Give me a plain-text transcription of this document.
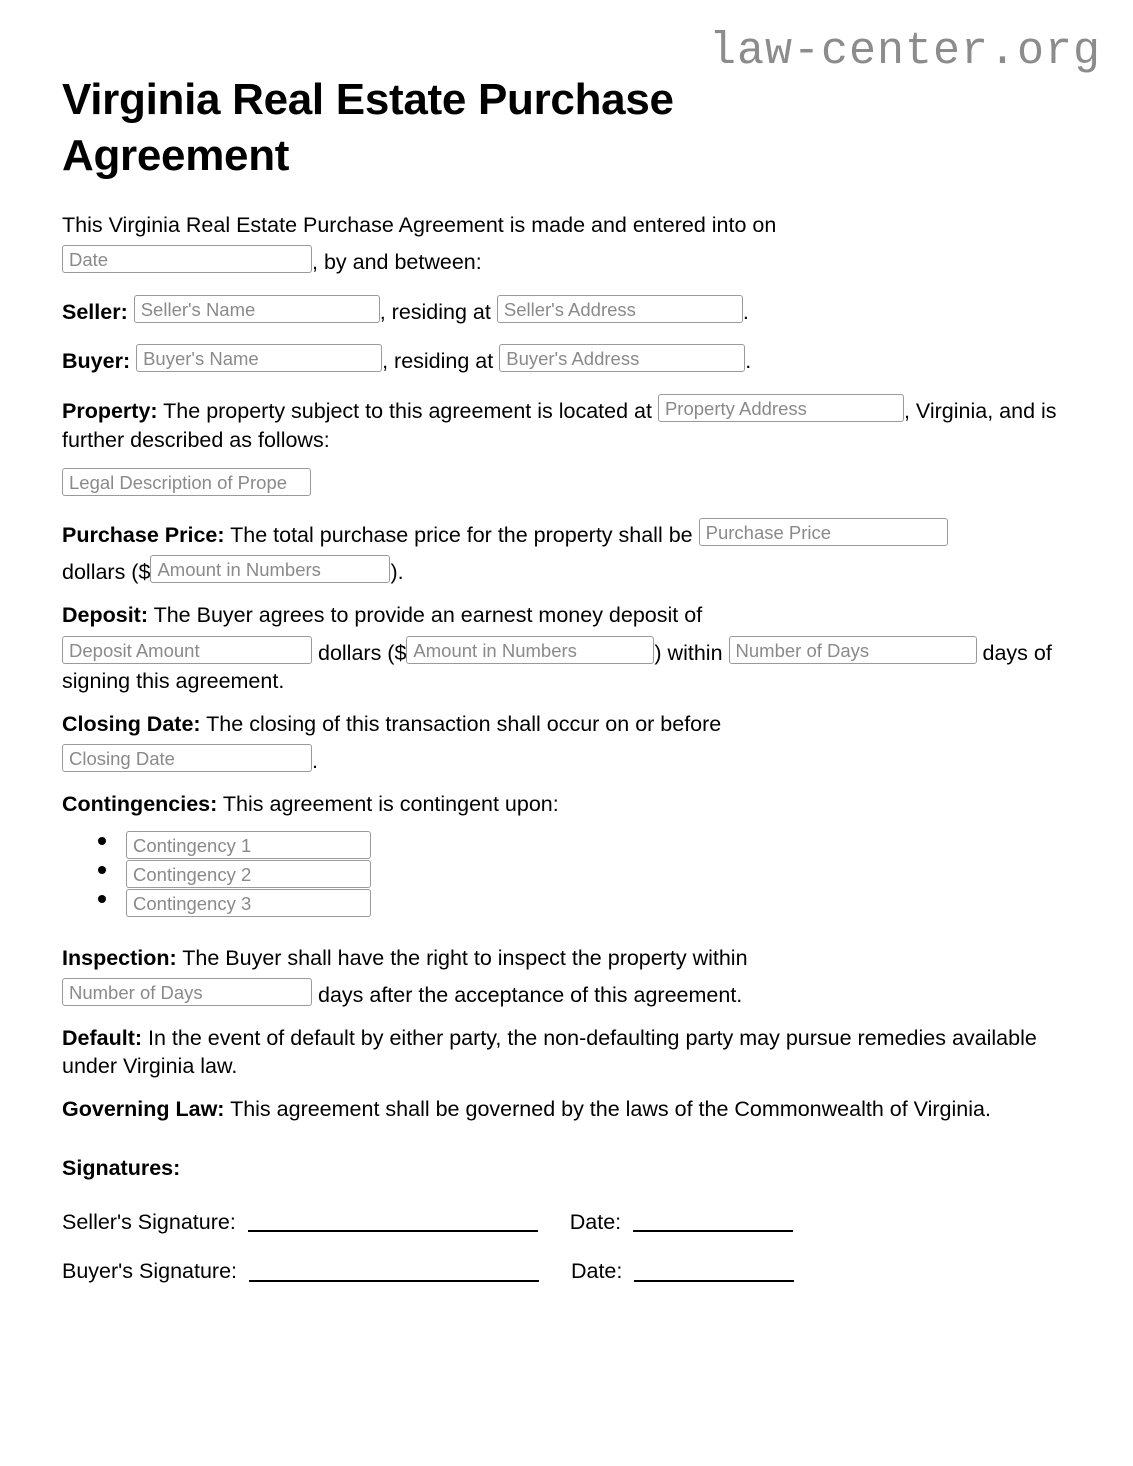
law-center.org
Virginia Real Estate Purchase Agreement

This Virginia Real Estate Purchase Agreement is made and entered into on
Date	, by and between:

Seller: Seller's Name	, residing at Seller's Address	.

Buyer: Buyer's Name	, residing at Buyer's Address	.

Property: The property subject to this agreement is located at Property Address	, Virginia, and is further described as follows:

Legal Description of Prope

Purchase Price: The total purchase price for the property shall be Purchase Price
dollars ($ Amount in Numbers	).

Deposit: The Buyer agrees to provide an earnest money deposit of
Deposit Amount	dollars ($ Amount in Numbers	) within Number of Days	days of signing this agreement.

Closing Date: The closing of this transaction shall occur on or before
Closing Date	.

Contingencies: This agreement is contingent upon:

Contingency 1
Contingency 2
Contingency 3

Inspection: The Buyer shall have the right to inspect the property within
Number of Days	days after the acceptance of this agreement.

Default: In the event of default by either party, the non-defaulting party may pursue remedies available under Virginia law.

Governing Law: This agreement shall be governed by the laws of the Commonwealth of Virginia.

Signatures:
Seller's Signature:	Date:
Buyer's Signature:	Date:
